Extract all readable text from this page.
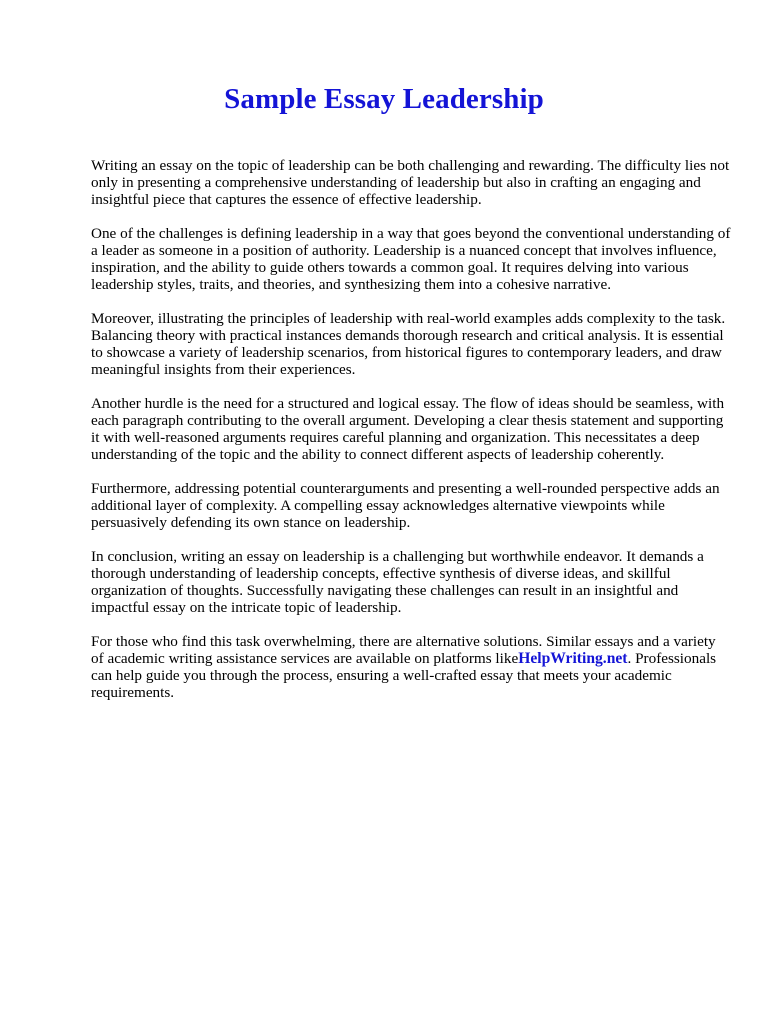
Sample Essay Leadership

Writing an essay on the topic of leadership can be both challenging and rewarding. The difficulty lies not only in presenting a comprehensive understanding of leadership but also in crafting an engaging and insightful piece that captures the essence of effective leadership.

One of the challenges is defining leadership in a way that goes beyond the conventional understanding of a leader as someone in a position of authority. Leadership is a nuanced concept that involves influence, inspiration, and the ability to guide others towards a common goal. It requires delving into various leadership styles, traits, and theories, and synthesizing them into a cohesive narrative.

Moreover, illustrating the principles of leadership with real-world examples adds complexity to the task. Balancing theory with practical instances demands thorough research and critical analysis. It is essential to showcase a variety of leadership scenarios, from historical figures to contemporary leaders, and draw meaningful insights from their experiences.

Another hurdle is the need for a structured and logical essay. The flow of ideas should be seamless, with each paragraph contributing to the overall argument. Developing a clear thesis statement and supporting it with well-reasoned arguments requires careful planning and organization. This necessitates a deep understanding of the topic and the ability to connect different aspects of leadership coherently.

Furthermore, addressing potential counterarguments and presenting a well-rounded perspective adds an additional layer of complexity. A compelling essay acknowledges alternative viewpoints while persuasively defending its own stance on leadership.

In conclusion, writing an essay on leadership is a challenging but worthwhile endeavor. It demands a thorough understanding of leadership concepts, effective synthesis of diverse ideas, and skillful organization of thoughts. Successfully navigating these challenges can result in an insightful and impactful essay on the intricate topic of leadership.

For those who find this task overwhelming, there are alternative solutions. Similar essays and a variety of academic writing assistance services are available on platforms likeHelpWriting.net. Professionals can help guide you through the process, ensuring a well-crafted essay that meets your academic requirements.
